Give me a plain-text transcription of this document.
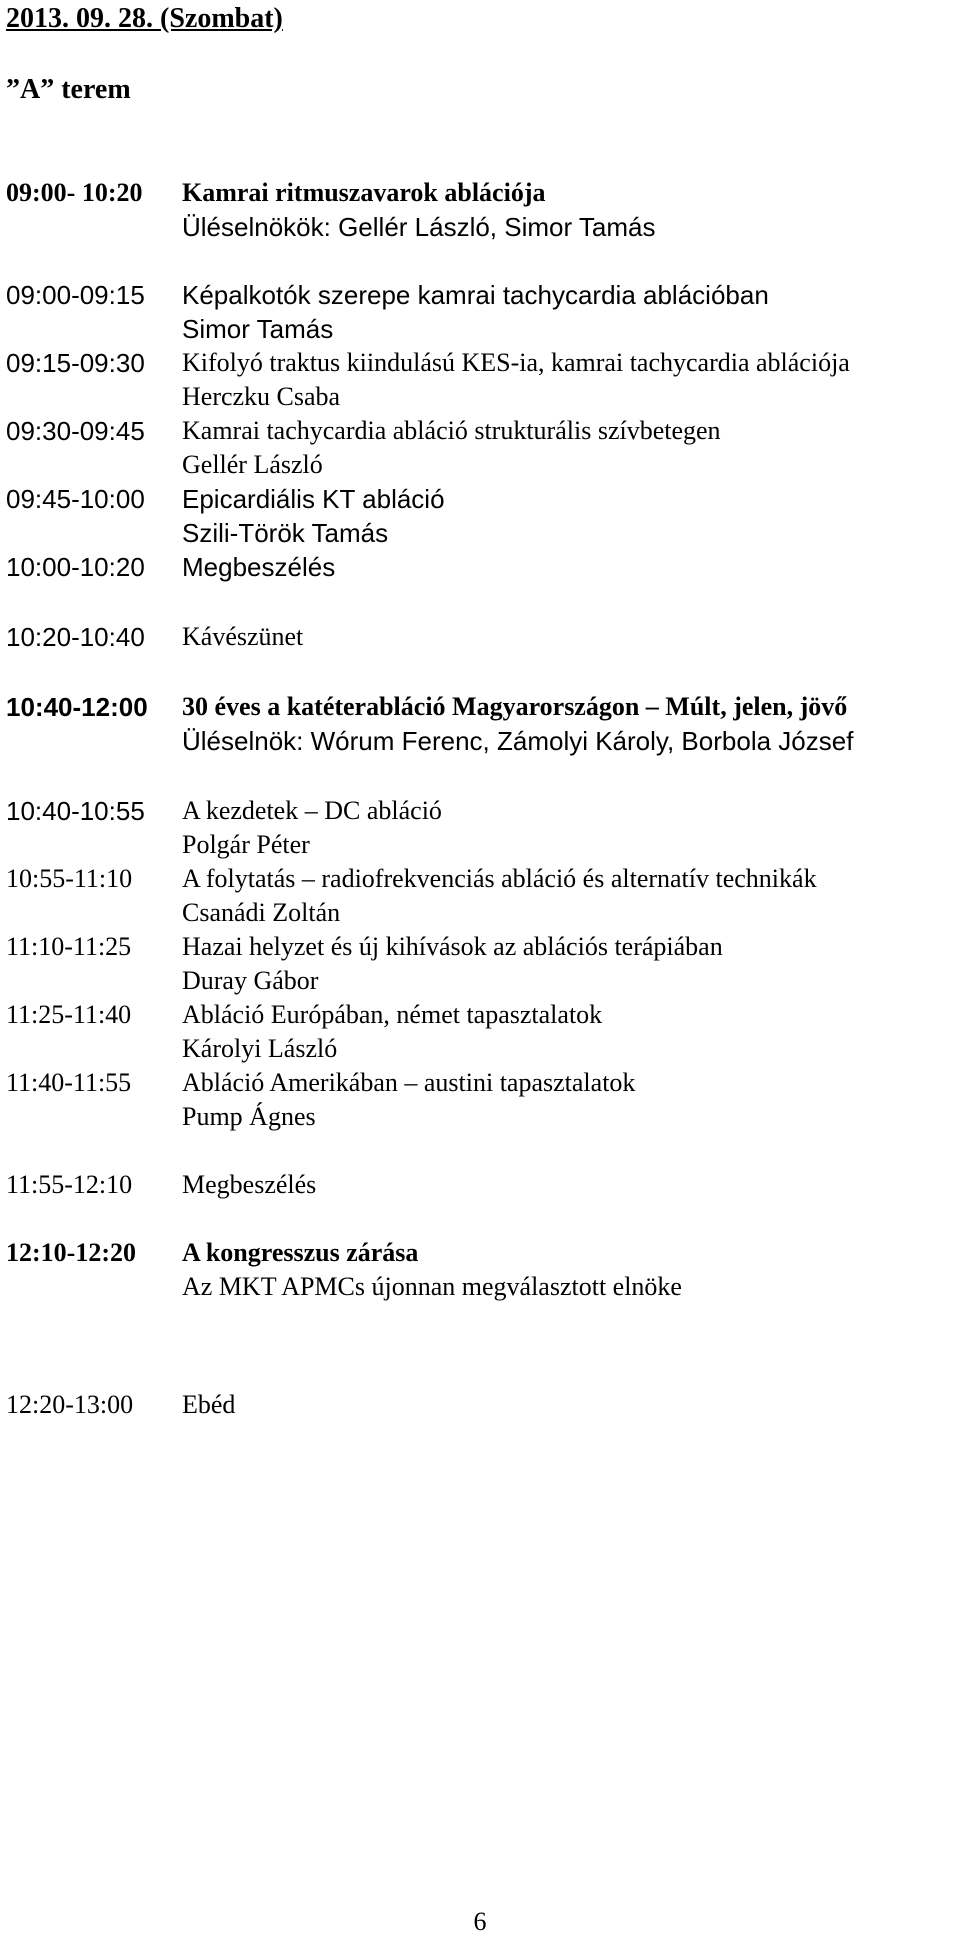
2013. 09. 28. (Szombat)
”A” terem
09:00- 10:20 Kamrai ritmuszavarok ablációja
Üléselnökök: Gellér László, Simor Tamás
09:00-09:15 Képalkotók szerepe kamrai tachycardia ablációban
Simor Tamás
09:15-09:30 Kifolyó traktus kiindulású KES-ia, kamrai tachycardia ablációja
Herczku Csaba
09:30-09:45 Kamrai tachycardia abláció strukturális szívbetegen
Gellér László
09:45-10:00 Epicardiális KT abláció
Szili-Török Tamás
10:00-10:20 Megbeszélés
10:20-10:40 Kávészünet
10:40-12:00 30 éves a katéterabláció Magyarországon – Múlt, jelen, jövő
Üléselnök: Wórum Ferenc, Zámolyi Károly, Borbola József
10:40-10:55 A kezdetek – DC abláció
Polgár Péter
10:55-11:10 A folytatás – radiofrekvenciás abláció és alternatív technikák
Csanádi Zoltán
11:10-11:25 Hazai helyzet és új kihívások az ablációs terápiában
Duray Gábor
11:25-11:40 Abláció Európában, német tapasztalatok
Károlyi László
11:40-11:55 Abláció Amerikában – austini tapasztalatok
Pump Ágnes
11:55-12:10 Megbeszélés
12:10-12:20 A kongresszus zárása
Az MKT APMCs újonnan megválasztott elnöke
12:20-13:00 Ebéd
6
